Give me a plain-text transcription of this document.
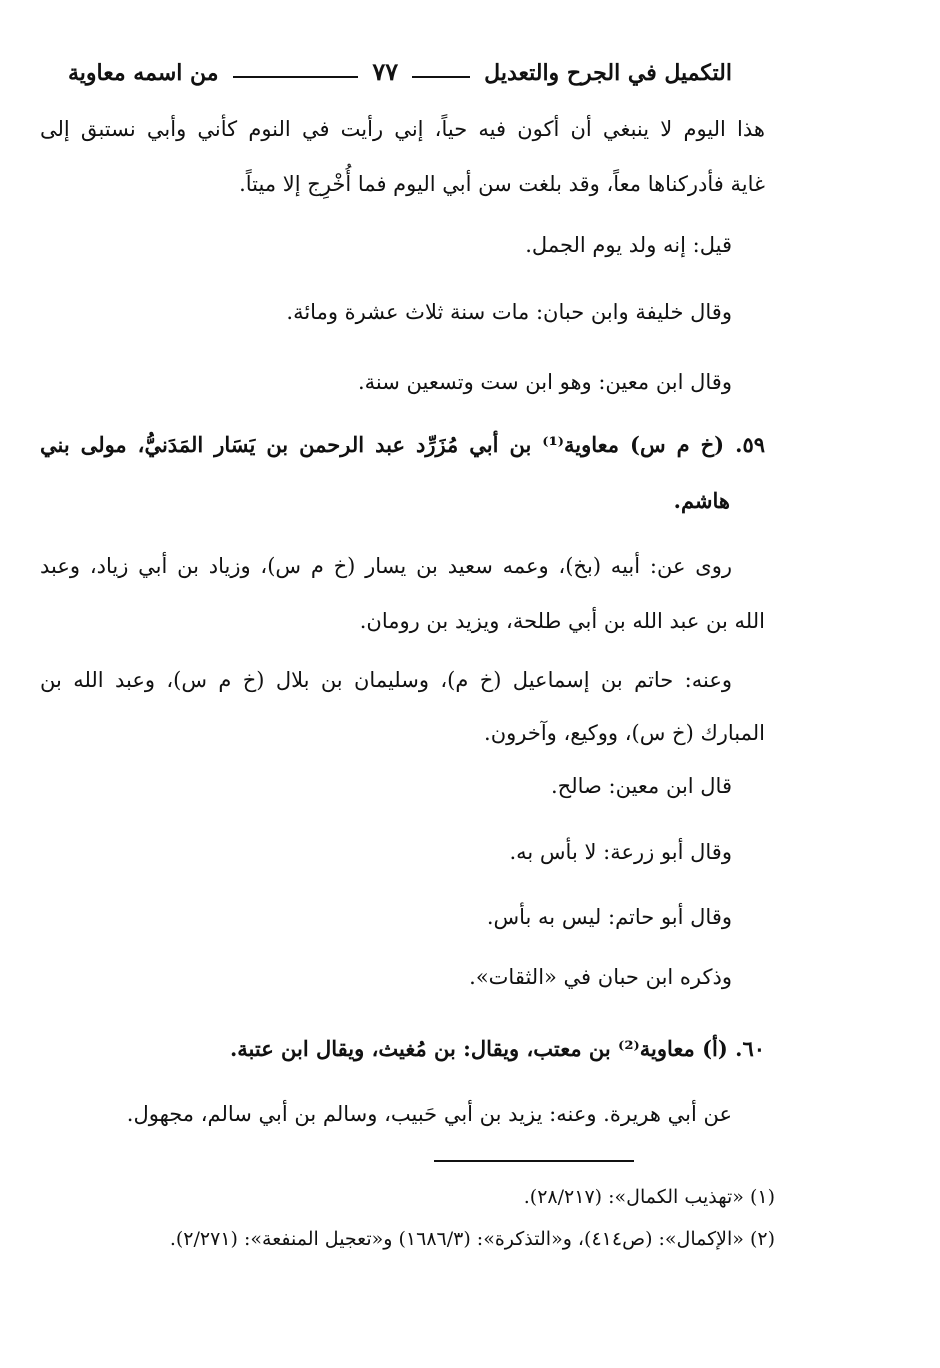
التكميل في الجرح والتعديل
٧٧
من اسمه معاوية
هذا اليوم لا ينبغي أن أكون فيه حياً، إني رأيت في النوم كأني وأبي نستبق إلى
غاية فأدركناها معاً، وقد بلغت سن أبي اليوم فما أُخْرِج إلا ميتاً.
قيل: إنه ولد يوم الجمل.
وقال خليفة وابن حبان: مات سنة ثلاث عشرة ومائة.
وقال ابن معين: وهو ابن ست وتسعين سنة.
٥٩. (خ م س) معاوية⁽¹⁾ بن أبي مُزَرِّد عبد الرحمن بن يَسَار المَدَنيُّ، مولى بني
هاشم.
روى عن: أبيه (بخ)، وعمه سعيد بن يسار (خ م س)، وزياد بن أبي زياد، وعبد
الله بن عبد الله بن أبي طلحة، ويزيد بن رومان.
وعنه: حاتم بن إسماعيل (خ م)، وسليمان بن بلال (خ م س)، وعبد الله بن
المبارك (خ س)، ووكيع، وآخرون.
قال ابن معين: صالح.
وقال أبو زرعة: لا بأس به.
وقال أبو حاتم: ليس به بأس.
وذكره ابن حبان في «الثقات».
٦٠. (أ) معاوية⁽²⁾ بن معتب، ويقال: بن مُغيث، ويقال ابن عتبة.
عن أبي هريرة. وعنه: يزيد بن أبي حَبيب، وسالم بن أبي سالم، مجهول.
(١) «تهذيب الكمال»: (٢٨/٢١٧).
(٢) «الإكمال»: (ص٤١٤)، و«التذكرة»: (١٦٨٦/٣) و«تعجيل المنفعة»: (٢/٢٧١).
